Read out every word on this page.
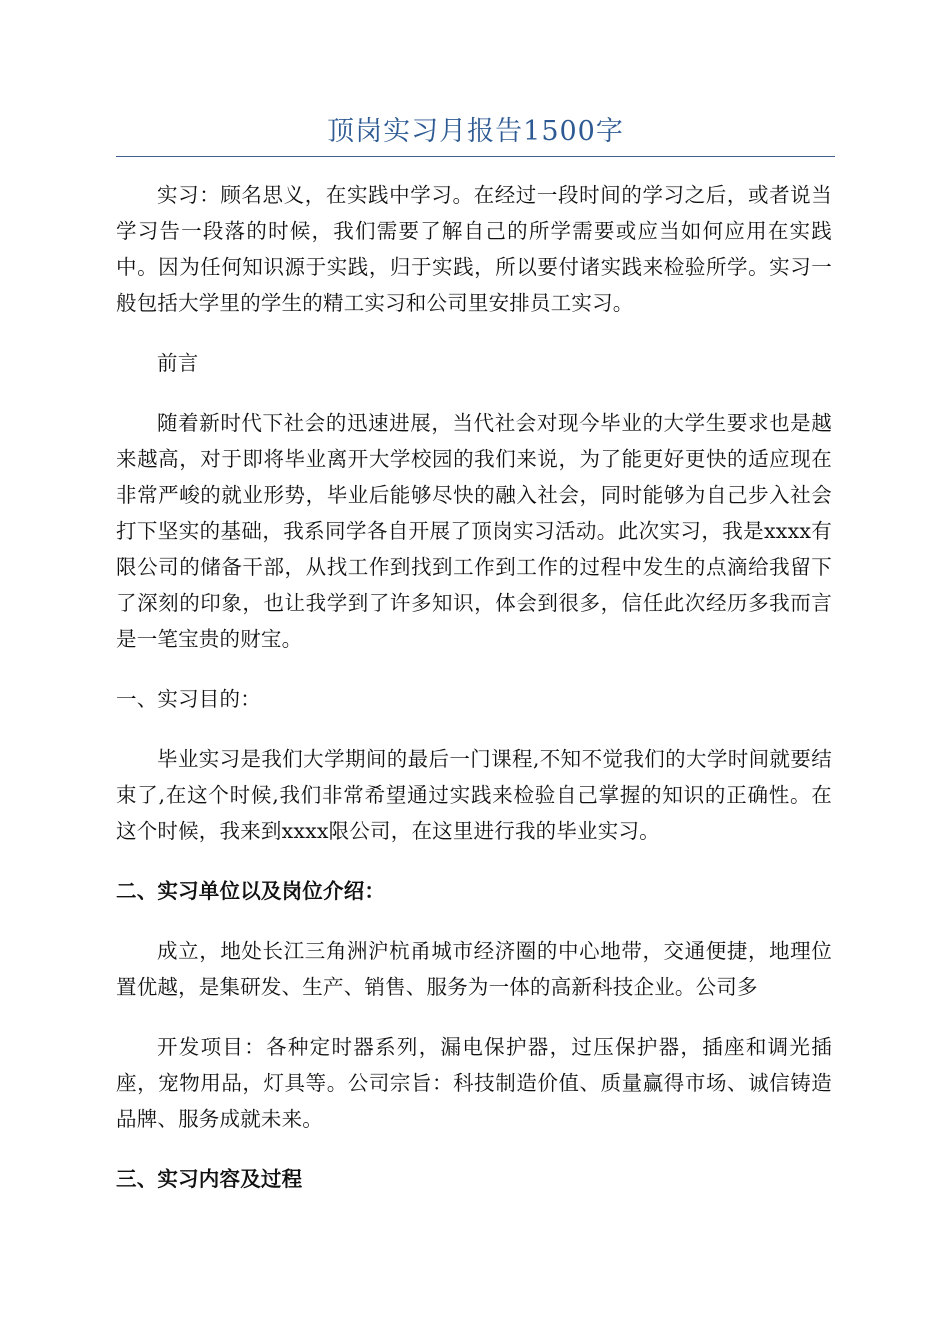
顶岗实习月报告1500字

实习：顾名思义，在实践中学习。在经过一段时间的学习之后，或者说当学习告一段落的时候，我们需要了解自己的所学需要或应当如何应用在实践中。因为任何知识源于实践，归于实践，所以要付诸实践来检验所学。实习一般包括大学里的学生的精工实习和公司里安排员工实习。

前言

随着新时代下社会的迅速进展，当代社会对现今毕业的大学生要求也是越来越高，对于即将毕业离开大学校园的我们来说，为了能更好更快的适应现在非常严峻的就业形势，毕业后能够尽快的融入社会，同时能够为自己步入社会打下坚实的基础，我系同学各自开展了顶岗实习活动。此次实习，我是xxxx有限公司的储备干部，从找工作到找到工作到工作的过程中发生的点滴给我留下了深刻的印象，也让我学到了许多知识，体会到很多，信任此次经历多我而言是一笔宝贵的财宝。

一、实习目的：

毕业实习是我们大学期间的最后一门课程,不知不觉我们的大学时间就要结束了,在这个时候,我们非常希望通过实践来检验自己掌握的知识的正确性。在这个时候，我来到xxxx限公司，在这里进行我的毕业实习。

二、实习单位以及岗位介绍：

成立，地处长江三角洲沪杭甬城市经济圈的中心地带，交通便捷，地理位置优越，是集研发、生产、销售、服务为一体的高新科技企业。公司多

开发项目：各种定时器系列，漏电保护器，过压保护器，插座和调光插座，宠物用品，灯具等。公司宗旨：科技制造价值、质量赢得市场、诚信铸造品牌、服务成就未来。

三、实习内容及过程
